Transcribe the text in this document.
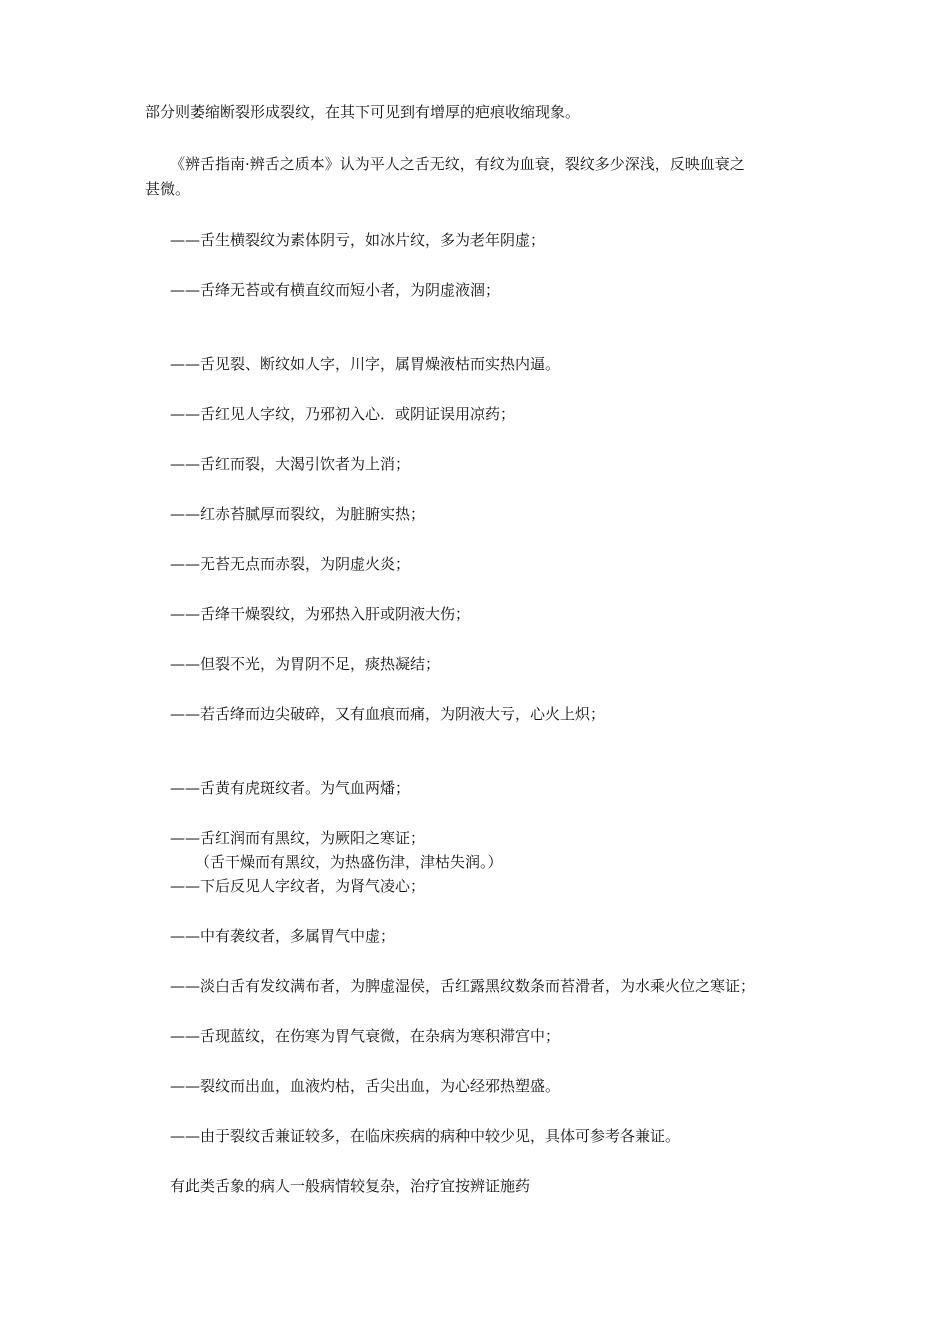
部分则萎缩断裂形成裂纹，在其下可见到有增厚的疤痕收缩现象。

《辨舌指南·辨舌之质本》认为平人之舌无纹，有纹为血衰，裂纹多少深浅，反映血衰之

甚微。

——舌生横裂纹为素体阴亏，如冰片纹，多为老年阴虚；

——舌绛无苔或有横直纹而短小者，为阴虚液涸；

——舌见裂、断纹如人字，川字，属胃燥液枯而实热内逼。

——舌红见人字纹，乃邪初入心．或阴证误用凉药；

——舌红而裂，大渴引饮者为上消；

——红赤苔腻厚而裂纹，为脏腑实热；

——无苔无点而赤裂，为阴虚火炎；

——舌绛干燥裂纹，为邪热入肝或阴液大伤；

——但裂不光，为胃阴不足，痰热凝结；

——若舌绛而边尖破碎，又有血痕而痛，为阴液大亏，心火上炽；

——舌黄有虎斑纹者。为气血两燔；

——舌红润而有黑纹，为厥阳之寒证；

（舌干燥而有黑纹，为热盛伤津，津枯失润。）

——下后反见人字纹者，为肾气凌心；

——中有袭纹者，多属胃气中虚；

——淡白舌有发纹满布者，为脾虚湿侯，舌红露黑纹数条而苔滑者，为水乘火位之寒证；

——舌现蓝纹，在伤寒为胃气衰微，在杂病为寒积滞宫中；

——裂纹而出血，血液灼枯，舌尖出血，为心经邪热塑盛。

——由于裂纹舌兼证较多，在临床疾病的病种中较少见，具体可参考各兼证。

有此类舌象的病人一般病情较复杂，治疗宜按辨证施药
